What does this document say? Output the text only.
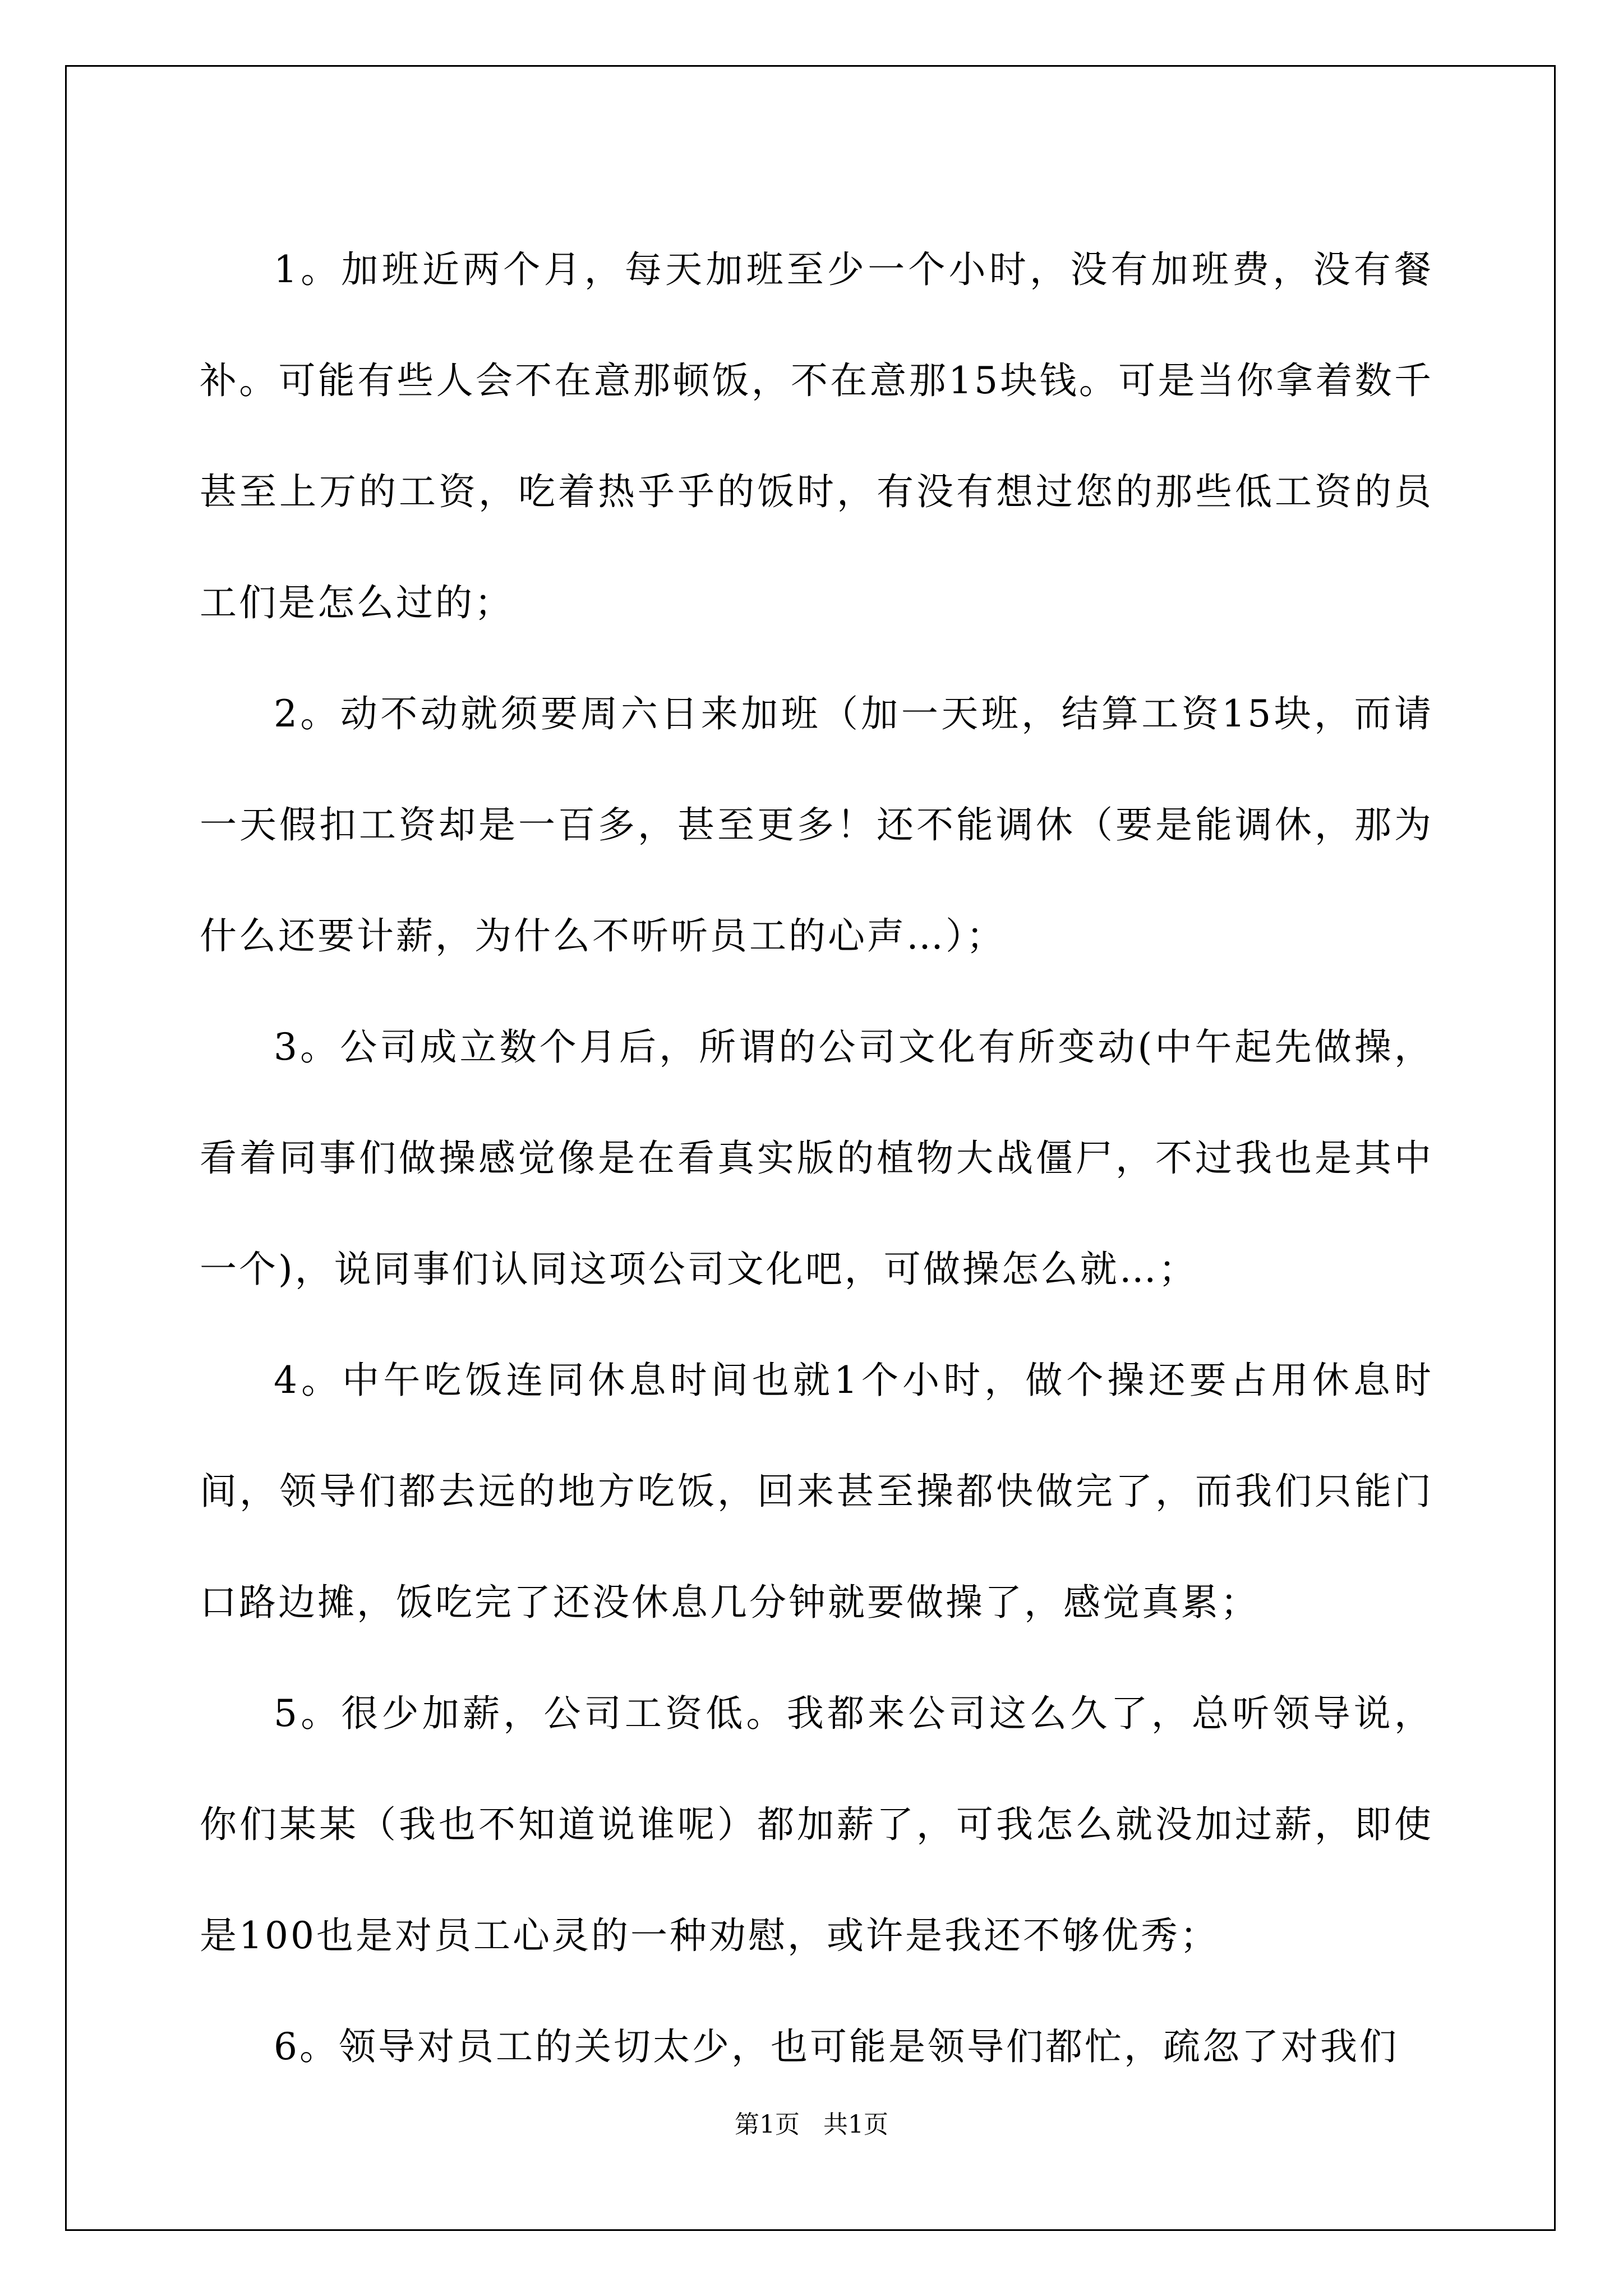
1。加班近两个月，每天加班至少一个小时，没有加班费，没有餐补。可能有些人会不在意那顿饭，不在意那15块钱。可是当你拿着数千甚至上万的工资，吃着热乎乎的饭时，有没有想过您的那些低工资的员工们是怎么过的；

2。动不动就须要周六日来加班（加一天班，结算工资15块，而请一天假扣工资却是一百多，甚至更多！还不能调休（要是能调休，那为什么还要计薪，为什么不听听员工的心声…）；

3。公司成立数个月后，所谓的公司文化有所变动(中午起先做操，看着同事们做操感觉像是在看真实版的植物大战僵尸，不过我也是其中一个)，说同事们认同这项公司文化吧，可做操怎么就…；

4。中午吃饭连同休息时间也就1个小时，做个操还要占用休息时间，领导们都去远的地方吃饭，回来甚至操都快做完了，而我们只能门口路边摊，饭吃完了还没休息几分钟就要做操了，感觉真累；

5。很少加薪，公司工资低。我都来公司这么久了，总听领导说，你们某某（我也不知道说谁呢）都加薪了，可我怎么就没加过薪，即使是100也是对员工心灵的一种劝慰，或许是我还不够优秀；

6。领导对员工的关切太少，也可能是领导们都忙，疏忽了对我们

第1页 共1页
